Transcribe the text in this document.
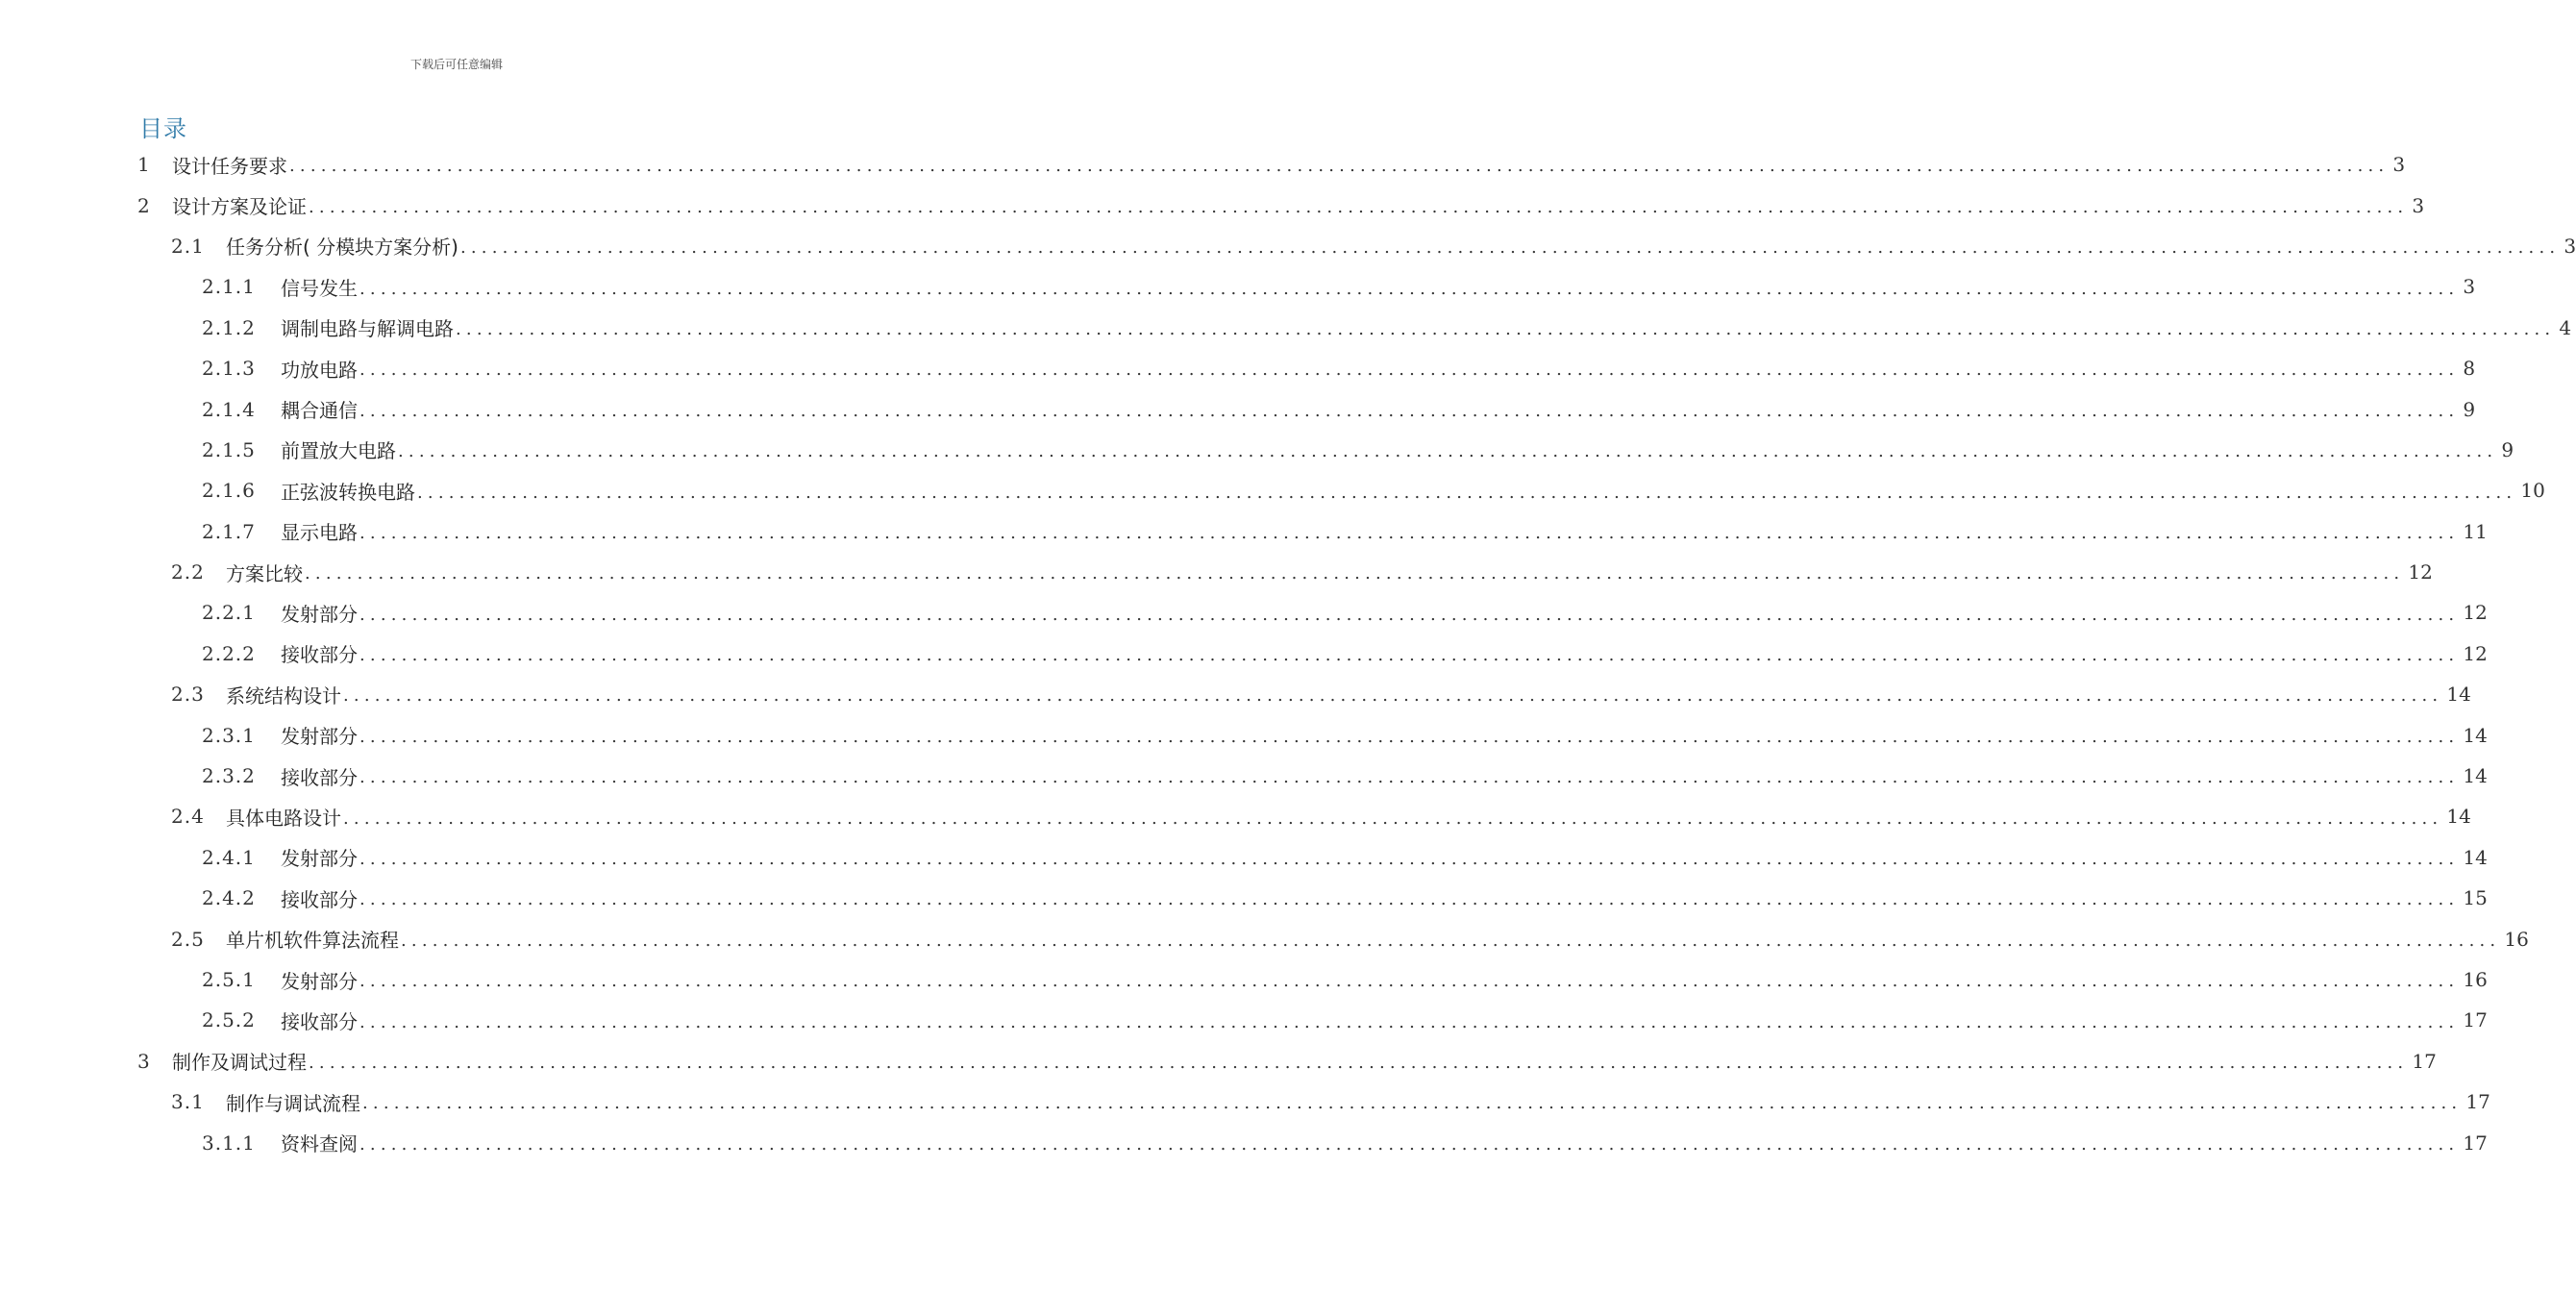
下载后可任意编辑
目录
1	设计任务要求 ........................................................................................................................................................................................................ 3
2	设计方案及论证 ........................................................................................................................................................................................................ 3
2.1	任务分析( 分模块方案分析) ........................................................................................................................................................................................................ 3
2.1.1	信号发生 ........................................................................................................................................................................................................ 3
2.1.2	调制电路与解调电路 ........................................................................................................................................................................................................ 4
2.1.3	功放电路 ........................................................................................................................................................................................................ 8
2.1.4	耦合通信 ........................................................................................................................................................................................................ 9
2.1.5	前置放大电路 ........................................................................................................................................................................................................ 9
2.1.6	正弦波转换电路 ........................................................................................................................................................................................................ 10
2.1.7	显示电路 ........................................................................................................................................................................................................ 11
2.2	方案比较 ........................................................................................................................................................................................................ 12
2.2.1	发射部分 ........................................................................................................................................................................................................ 12
2.2.2	接收部分 ........................................................................................................................................................................................................ 12
2.3	系统结构设计 ........................................................................................................................................................................................................ 14
2.3.1	发射部分 ........................................................................................................................................................................................................ 14
2.3.2	接收部分 ........................................................................................................................................................................................................ 14
2.4	具体电路设计 ........................................................................................................................................................................................................ 14
2.4.1	发射部分 ........................................................................................................................................................................................................ 14
2.4.2	接收部分 ........................................................................................................................................................................................................ 15
2.5	单片机软件算法流程 ........................................................................................................................................................................................................ 16
2.5.1	发射部分 ........................................................................................................................................................................................................ 16
2.5.2	接收部分 ........................................................................................................................................................................................................ 17
3	制作及调试过程 ........................................................................................................................................................................................................ 17
3.1	制作与调试流程 ........................................................................................................................................................................................................ 17
3.1.1	资料查阅 ........................................................................................................................................................................................................ 17
